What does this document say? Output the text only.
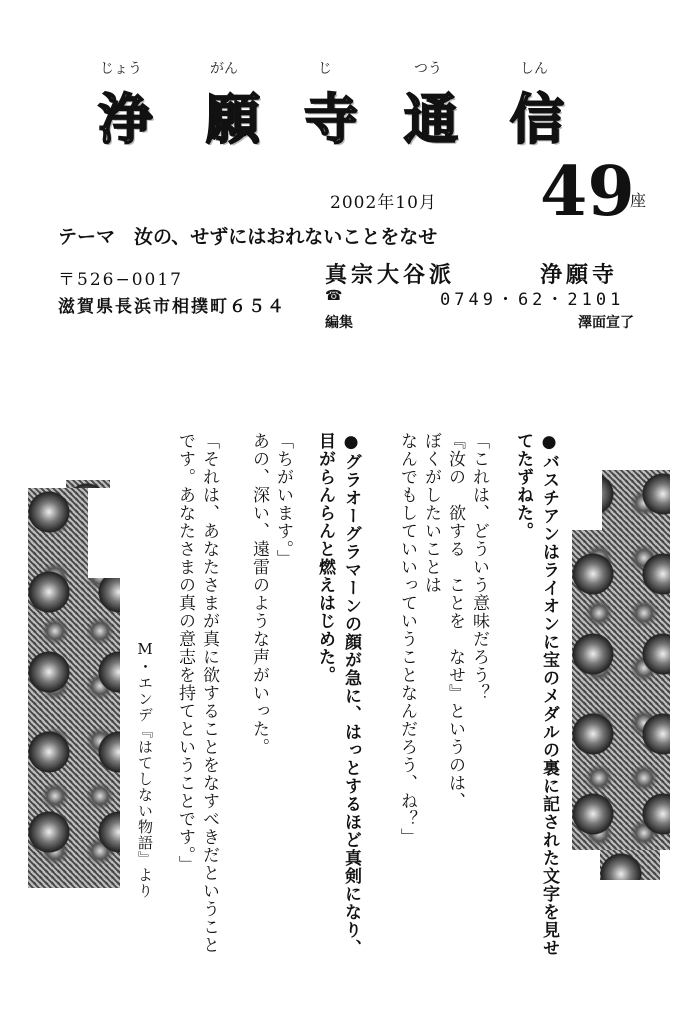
じょう	がん	じ	つう	しん
浄 願 寺 通 信
2002年10月 49
座
テーマ　汝の、せずにはおれないことをなせ
〒526−0017
滋賀県長浜市相撲町６５４
真宗大谷派	浄願寺
☎	0749・62・2101
編集	澤面宣了
●バスチアンはライオンに宝のメダルの裏に記された文字を見せ
てたずねた。
「これは、どういう意味だろう？
『汝の　欲する　ことを　なせ』というのは、
ぼくがしたいことは
なんでもしていいっていうことなんだろう、ね？」
●グラオーグラマーンの顔が急に、はっとするほど真剣になり、
目がらんらんと燃えはじめた。
「ちがいます。」
あの、深い、遠雷のような声がいった。
「それは、あなたさまが真に欲することをなすべきだということ
です。あなたさまの真の意志を持てということです。」
M・エンデ『はてしない物語』より
